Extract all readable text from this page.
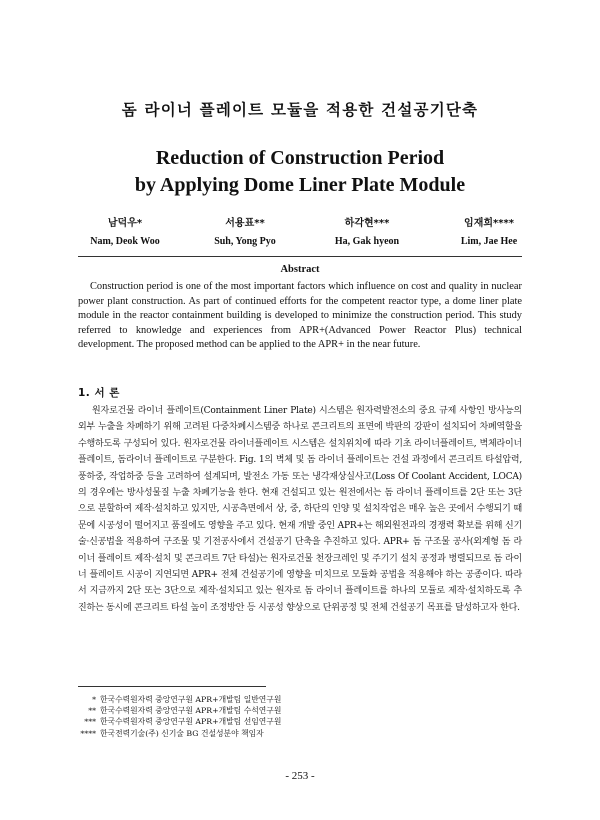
돔 라이너 플레이트 모듈을 적용한 건설공기단축
Reduction of Construction Period
by Applying Dome Liner Plate Module
남덕우*
Nam, Deok Woo
서용표**
Suh, Yong Pyo
하각현***
Ha, Gak hyeon
임재희****
Lim, Jae Hee
Abstract

Construction period is one of the most important factors which influence on cost and quality in nuclear power plant construction. As part of continued efforts for the competent reactor type, a dome liner plate module in the reactor containment building is developed to minimize the construction period. This study referred to knowledge and experiences from APR+(Advanced Power Reactor Plus) technical development. The proposed method can be applied to the APR+ in the near future.

1. 서 론

원자로건물 라이너 플레이트(Containment Liner Plate) 시스템은 원자력발전소의 중요 규제 사항인 방사능의 외부 누출을 차폐하기 위해 고려된 다중차폐시스템중 하나로 콘크리트의 표면에 박판의 강판이 설치되어 차폐역할을 수행하도록 구성되어 있다. 원자로건물 라이너플레이트 시스템은 설치위치에 따라 기초 라이너플레이트, 벽체라이너 플레이트, 돔라이너 플레이트로 구분한다. Fig. 1의 벽체 및 돔 라이너 플레이트는 건설 과정에서 콘크리트 타설압력, 풍하중, 작업하중 등을 고려하여 설계되며, 발전소 가동 또는 냉각재상실사고(Loss Of Coolant Accident, LOCA)의 경우에는 방사성물질 누출 차폐기능을 한다. 현재 건설되고 있는 원전에서는 돔 라이너 플레이트를 2단 또는 3단으로 분할하여 제작·설치하고 있지만, 시공측면에서 상, 중, 하단의 인양 및 설치작업은 매우 높은 곳에서 수행되기 때문에 시공성이 떨어지고 품질에도 영향을 주고 있다. 현재 개발 중인 APR+는 해외원전과의 경쟁력 확보를 위해 신기술·신공법을 적용하여 구조물 및 기전공사에서 건설공기 단축을 추진하고 있다. APR+ 돔 구조물 공사(외계형 돔 라이너 플레이트 제작·설치 및 콘크리트 7단 타설)는 원자로건물 천장크레인 및 주기기 설치 공정과 병렬되므로 돔 라이너 플레이트 시공이 지연되면 APR+ 전체 건설공기에 영향을 미치므로 모듈화 공법을 적용해야 하는 공종이다. 따라서 지금까지 2단 또는 3단으로 제작·설치되고 있는 원자로 돔 라이너 플레이트를 하나의 모듈로 제작·설치하도록 추진하는 동시에 콘크리트 타설 높이 조정방안 등 시공성 향상으로 단위공정 및 전체 건설공기 목표를 달성하고자 한다.

* 한국수력원자력 중앙연구원 APR+개발팀 일반연구원
** 한국수력원자력 중앙연구원 APR+개발팀 수석연구원
*** 한국수력원자력 중앙연구원 APR+개발팀 선임연구원
**** 한국전력기술(주) 신기술 BG 건설성분야 책임자
- 253 -
